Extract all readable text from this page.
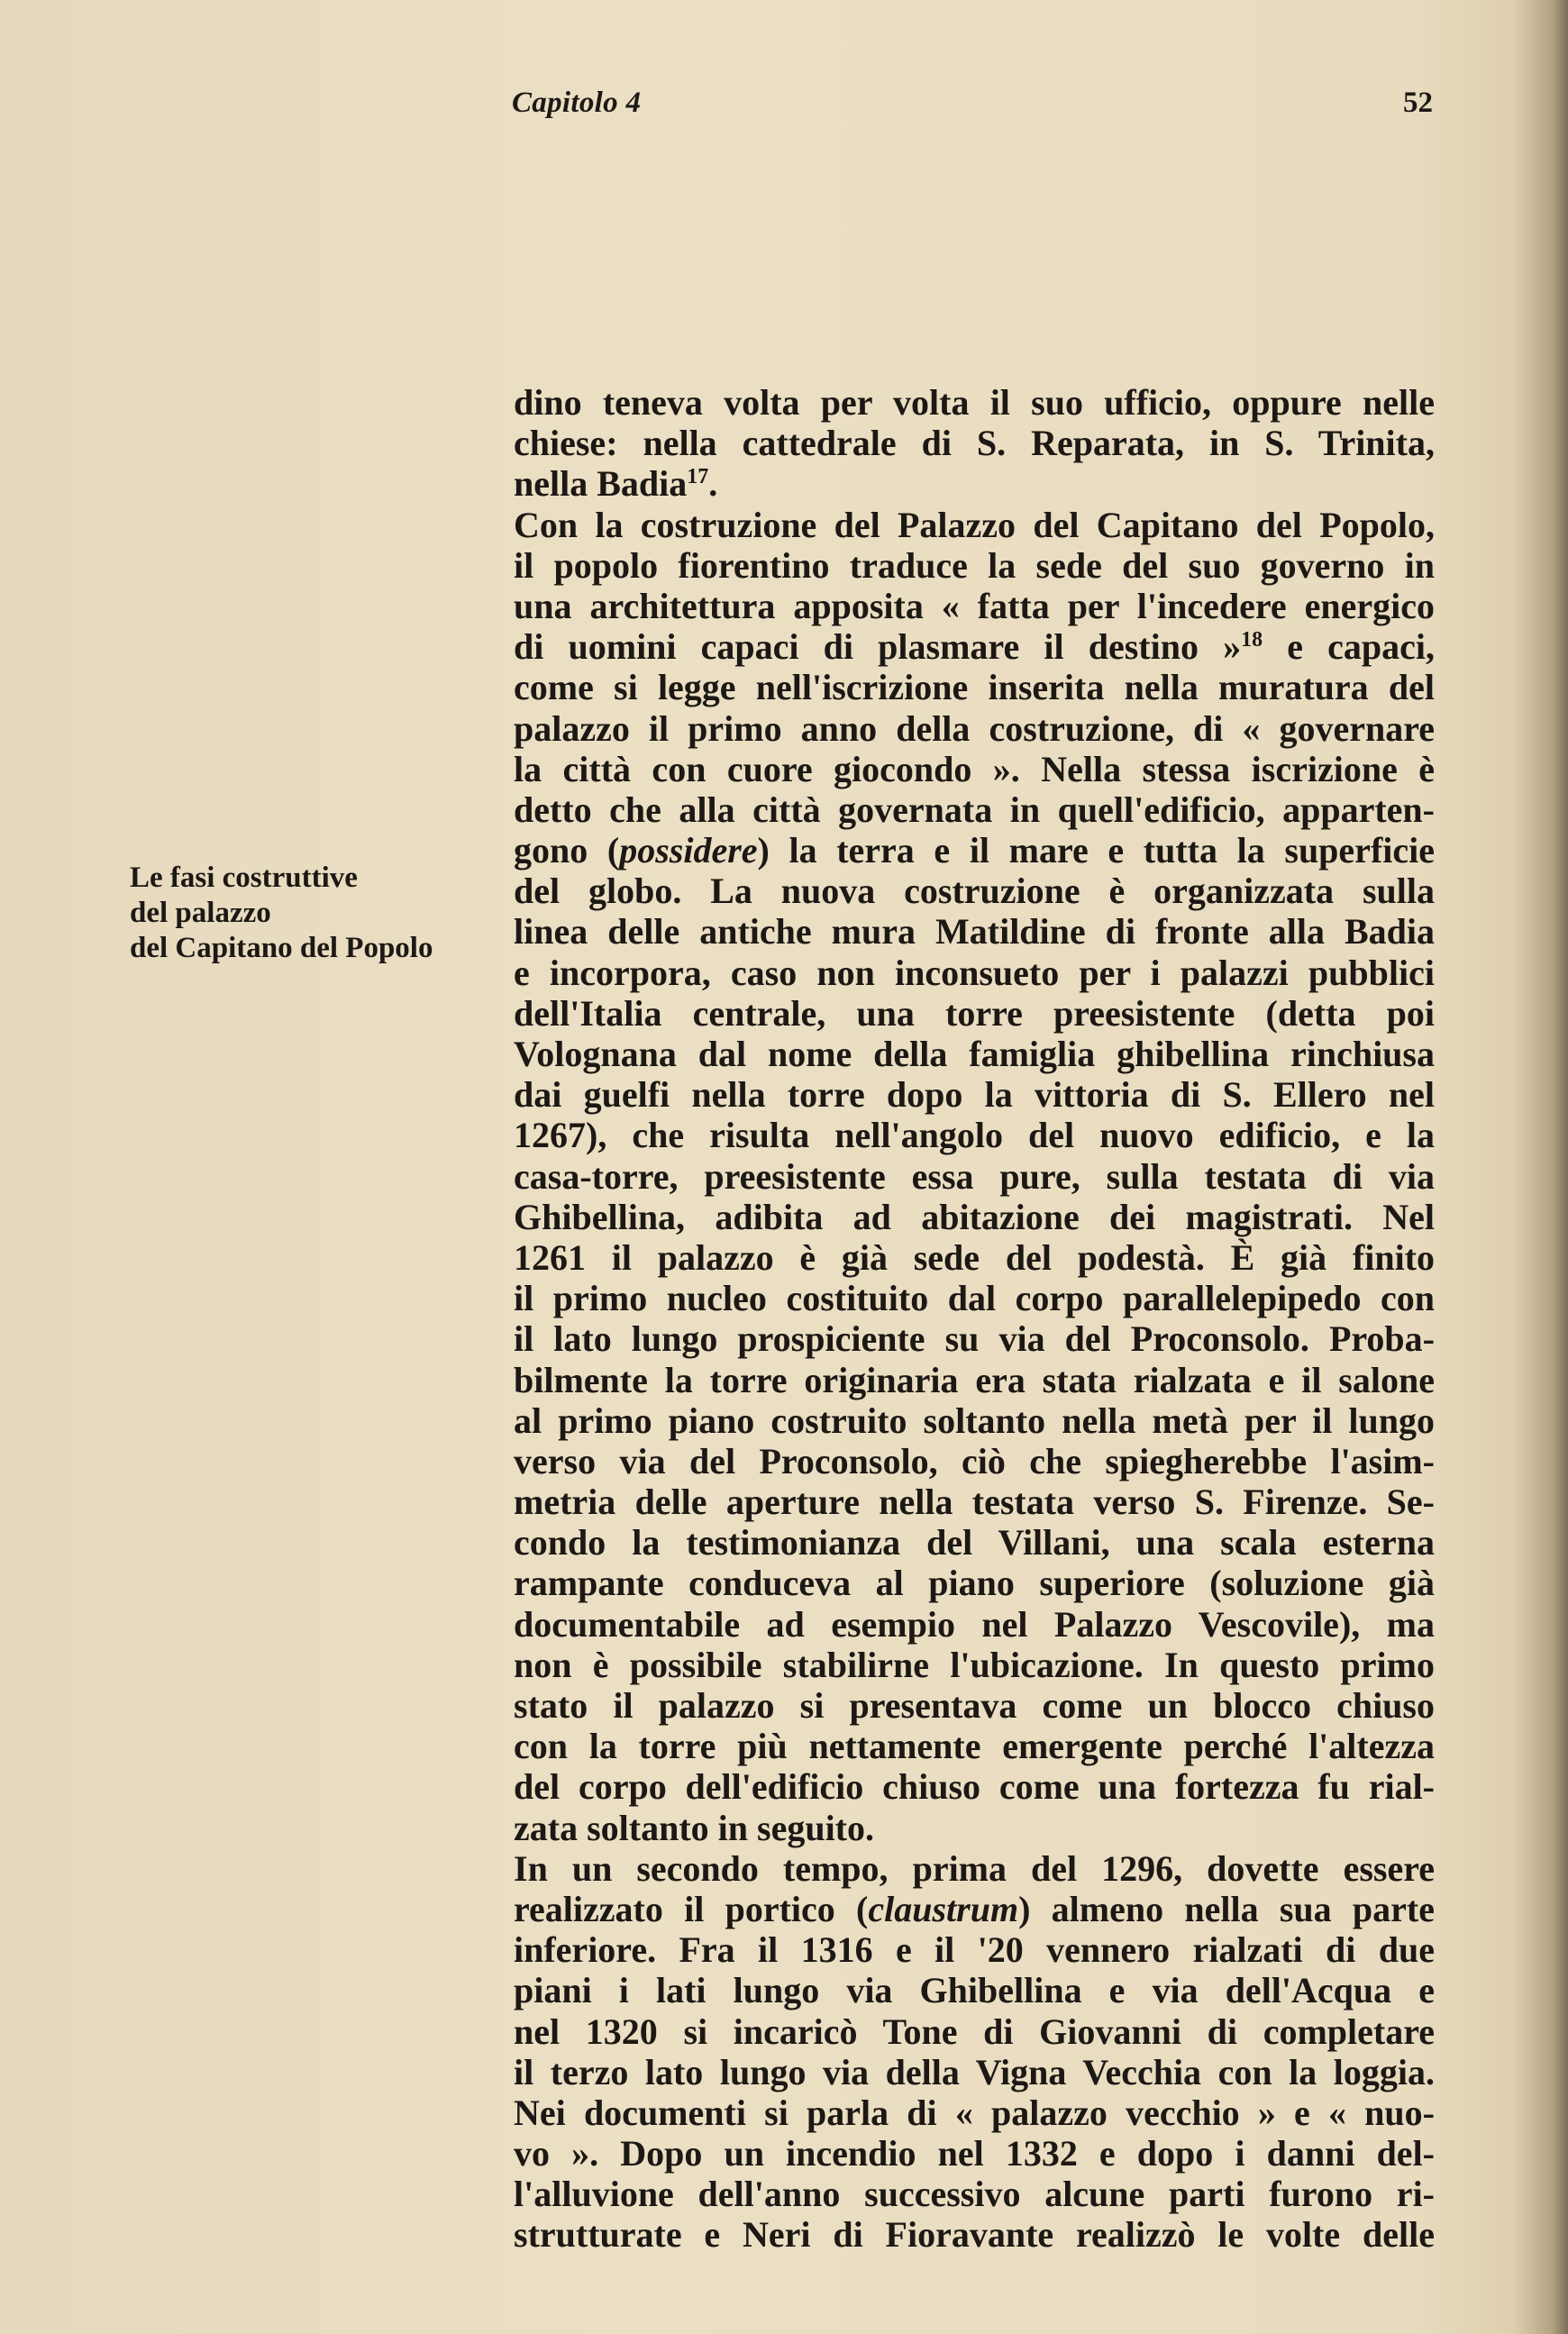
Capitolo 4	52
Le fasi costruttive
del palazzo
del Capitano del Popolo
dino teneva volta per volta il suo ufficio, oppure nelle
chiese: nella cattedrale di S. Reparata, in S. Trinita,
nella Badia$^{17}$.
Con la costruzione del Palazzo del Capitano del Popolo,
il popolo fiorentino traduce la sede del suo governo in
una architettura apposita « fatta per l'incedere energico
di uomini capaci di plasmare il destino »$^{18}$ e capaci,
come si legge nell'iscrizione inserita nella muratura del
palazzo il primo anno della costruzione, di « governare
la città con cuore giocondo ». Nella stessa iscrizione è
detto che alla città governata in quell'edificio, apparten-
gono (possidere) la terra e il mare e tutta la superficie
del globo. La nuova costruzione è organizzata sulla
linea delle antiche mura Matildine di fronte alla Badia
e incorpora, caso non inconsueto per i palazzi pubblici
dell'Italia centrale, una torre preesistente (detta poi
Volognana dal nome della famiglia ghibellina rinchiusa
dai guelfi nella torre dopo la vittoria di S. Ellero nel
1267), che risulta nell'angolo del nuovo edificio, e la
casa-torre, preesistente essa pure, sulla testata di via
Ghibellina, adibita ad abitazione dei magistrati. Nel
1261 il palazzo è già sede del podestà. È già finito
il primo nucleo costituito dal corpo parallelepipedo con
il lato lungo prospiciente su via del Proconsolo. Proba-
bilmente la torre originaria era stata rialzata e il salone
al primo piano costruito soltanto nella metà per il lungo
verso via del Proconsolo, ciò che spiegherebbe l'asim-
metria delle aperture nella testata verso S. Firenze. Se-
condo la testimonianza del Villani, una scala esterna
rampante conduceva al piano superiore (soluzione già
documentabile ad esempio nel Palazzo Vescovile), ma
non è possibile stabilirne l'ubicazione. In questo primo
stato il palazzo si presentava come un blocco chiuso
con la torre più nettamente emergente perché l'altezza
del corpo dell'edificio chiuso come una fortezza fu rial-
zata soltanto in seguito.
In un secondo tempo, prima del 1296, dovette essere
realizzato il portico (claustrum) almeno nella sua parte
inferiore. Fra il 1316 e il '20 vennero rialzati di due
piani i lati lungo via Ghibellina e via dell'Acqua e
nel 1320 si incaricò Tone di Giovanni di completare
il terzo lato lungo via della Vigna Vecchia con la loggia.
Nei documenti si parla di « palazzo vecchio » e « nuo-
vo ». Dopo un incendio nel 1332 e dopo i danni del-
l'alluvione dell'anno successivo alcune parti furono ri-
strutturate e Neri di Fioravante realizzò le volte delle
